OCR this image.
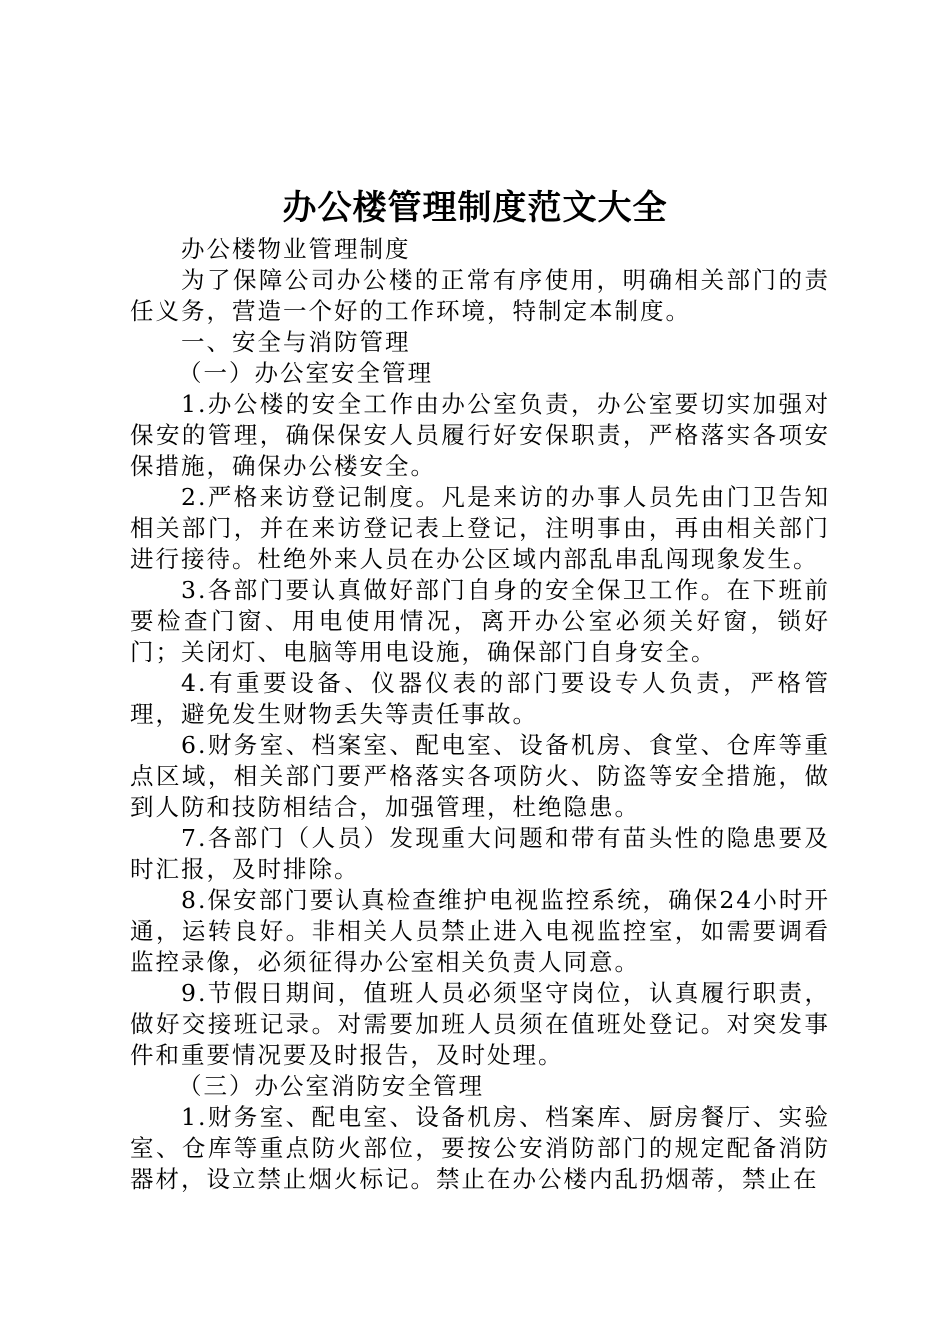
办公楼管理制度范文大全

办公楼物业管理制度

为了保障公司办公楼的正常有序使用，明确相关部门的责任义务，营造一个好的工作环境，特制定本制度。

一、安全与消防管理

（一）办公室安全管理

1.办公楼的安全工作由办公室负责，办公室要切实加强对保安的管理，确保保安人员履行好安保职责，严格落实各项安保措施，确保办公楼安全。

2.严格来访登记制度。凡是来访的办事人员先由门卫告知相关部门，并在来访登记表上登记，注明事由，再由相关部门进行接待。杜绝外来人员在办公区域内部乱串乱闯现象发生。

3.各部门要认真做好部门自身的安全保卫工作。在下班前要检查门窗、用电使用情况，离开办公室必须关好窗，锁好门；关闭灯、电脑等用电设施，确保部门自身安全。

4.有重要设备、仪器仪表的部门要设专人负责，严格管理，避免发生财物丢失等责任事故。

6.财务室、档案室、配电室、设备机房、食堂、仓库等重点区域，相关部门要严格落实各项防火、防盗等安全措施，做到人防和技防相结合，加强管理，杜绝隐患。

7.各部门（人员）发现重大问题和带有苗头性的隐患要及时汇报，及时排除。

8.保安部门要认真检查维护电视监控系统，确保24小时开通，运转良好。非相关人员禁止进入电视监控室，如需要调看监控录像，必须征得办公室相关负责人同意。

9.节假日期间，值班人员必须坚守岗位，认真履行职责，做好交接班记录。对需要加班人员须在值班处登记。对突发事件和重要情况要及时报告，及时处理。

（三）办公室消防安全管理

1.财务室、配电室、设备机房、档案库、厨房餐厅、实验室、仓库等重点防火部位，要按公安消防部门的规定配备消防器材，设立禁止烟火标记。禁止在办公楼内乱扔烟蒂，禁止在
